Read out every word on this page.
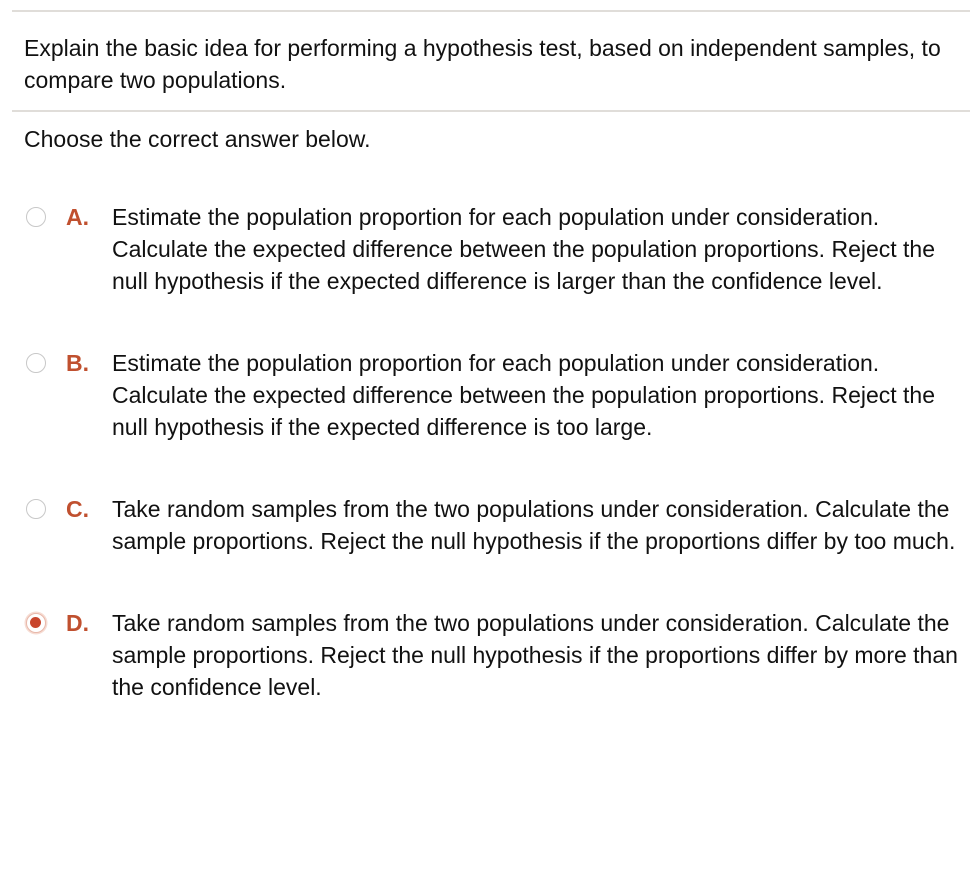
Explain the basic idea for performing a hypothesis test, based on independent samples, to compare two populations.

Choose the correct answer below.

A. Estimate the population proportion for each population under consideration. Calculate the expected difference between the population proportions. Reject the null hypothesis if the expected difference is larger than the confidence level.
B. Estimate the population proportion for each population under consideration. Calculate the expected difference between the population proportions. Reject the null hypothesis if the expected difference is too large.
C. Take random samples from the two populations under consideration. Calculate the sample proportions. Reject the null hypothesis if the proportions differ by too much.
D. Take random samples from the two populations under consideration. Calculate the sample proportions. Reject the null hypothesis if the proportions differ by more than the confidence level.
